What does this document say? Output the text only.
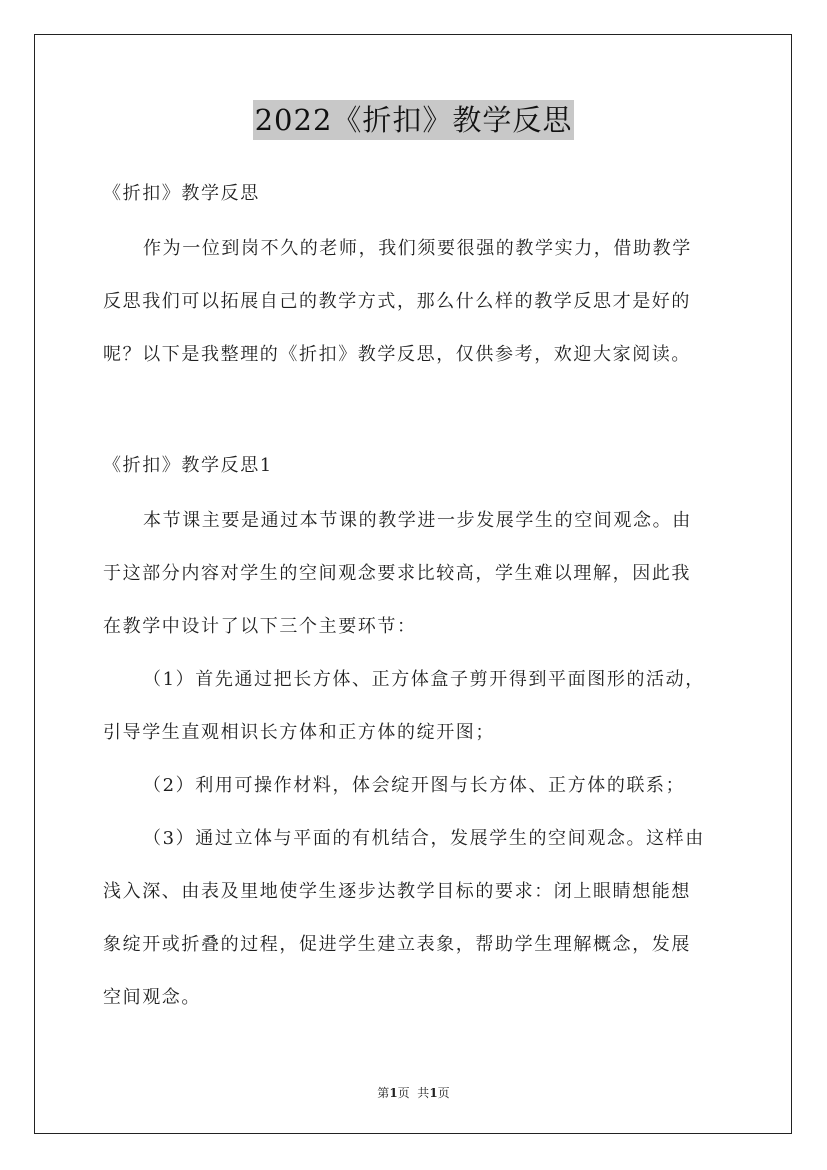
2022《折扣》教学反思
《折扣》教学反思
作为一位到岗不久的老师，我们须要很强的教学实力，借助教学
反思我们可以拓展自己的教学方式，那么什么样的教学反思才是好的
呢？以下是我整理的《折扣》教学反思，仅供参考，欢迎大家阅读。
《折扣》教学反思1
本节课主要是通过本节课的教学进一步发展学生的空间观念。由
于这部分内容对学生的空间观念要求比较高，学生难以理解，因此我
在教学中设计了以下三个主要环节：
（1）首先通过把长方体、正方体盒子剪开得到平面图形的活动，
引导学生直观相识长方体和正方体的绽开图；
（2）利用可操作材料，体会绽开图与长方体、正方体的联系；
（3）通过立体与平面的有机结合，发展学生的空间观念。这样由
浅入深、由表及里地使学生逐步达教学目标的要求：闭上眼睛想能想
象绽开或折叠的过程，促进学生建立表象，帮助学生理解概念，发展
空间观念。
第1页  共1页
